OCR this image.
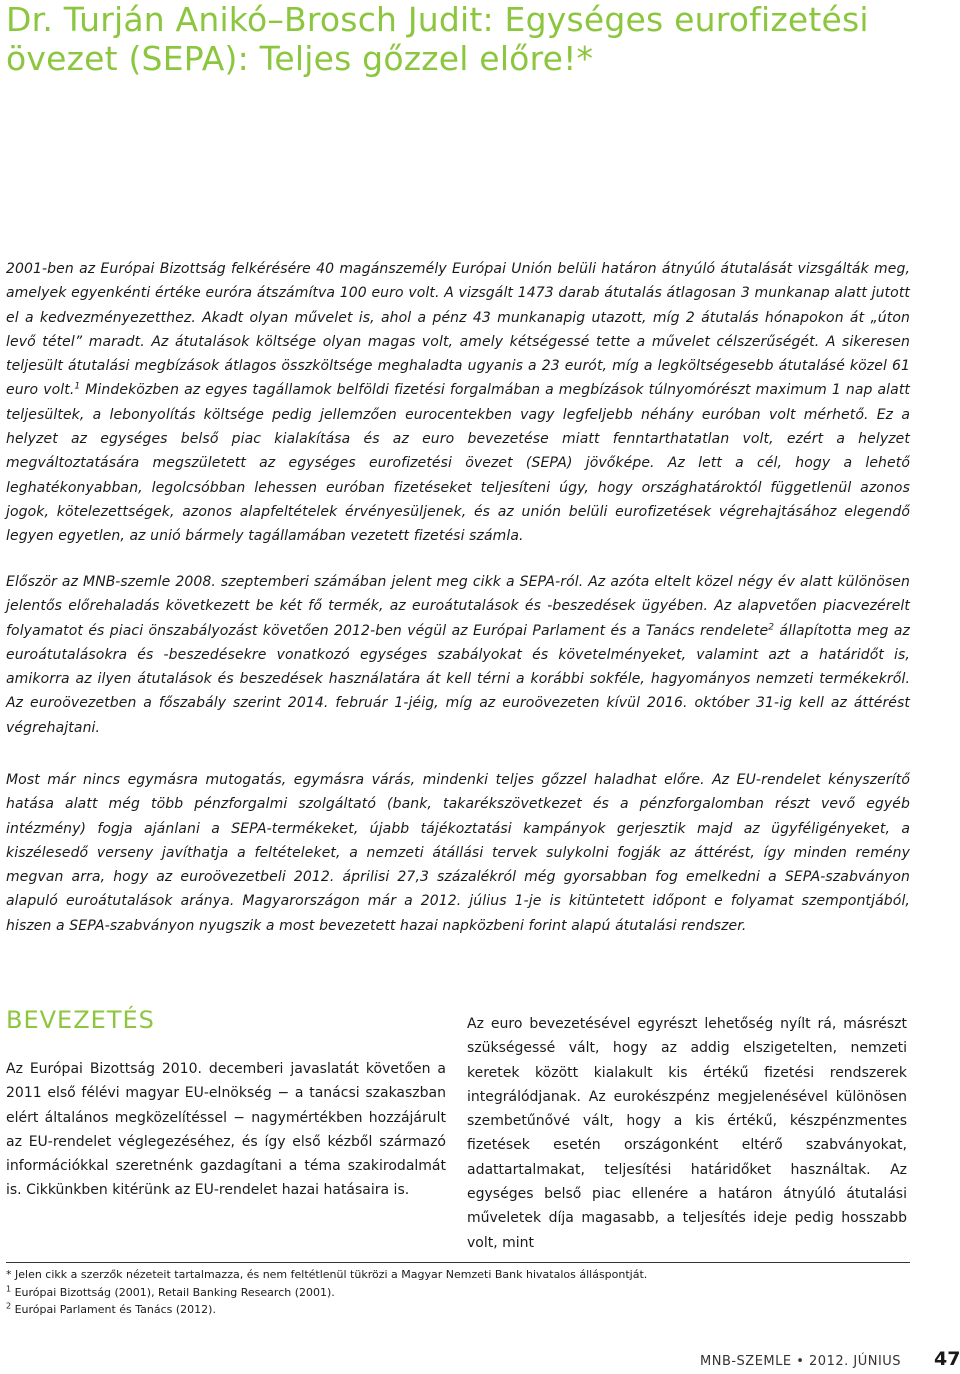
Dr. Turján Anikó–Brosch Judit: Egységes eurofizetési övezet (SEPA): Teljes gőzzel előre!*

2001-ben az Európai Bizottság felkérésére 40 magánszemély Európai Unión belüli határon átnyúló átutalását vizsgálták meg, amelyek egyenkénti értéke euróra átszámítva 100 euro volt. A vizsgált 1473 darab átutalás átlagosan 3 munkanap alatt jutott el a kedvezményezetthez. Akadt olyan művelet is, ahol a pénz 43 munkanapig utazott, míg 2 átutalás hónapokon át „úton levő tétel” maradt. Az átutalások költsége olyan magas volt, amely kétségessé tette a művelet célszerűségét. A sikeresen teljesült átutalási megbízások átlagos összköltsége meghaladta ugyanis a 23 eurót, míg a legköltségesebb átutalásé közel 61 euro volt.$^1$ Mindeközben az egyes tagállamok belföldi fizetési forgalmában a megbízások túlnyomórészt maximum 1 nap alatt teljesültek, a lebonyolítás költsége pedig jellemzően eurocentekben vagy legfeljebb néhány euróban volt mérhető. Ez a helyzet az egységes belső piac kialakítása és az euro bevezetése miatt fenntarthatatlan volt, ezért a helyzet megváltoztatására megszületett az egységes eurofizetési övezet (SEPA) jövőképe. Az lett a cél, hogy a lehető leghatékonyabban, legolcsóbban lehessen euróban fizetéseket teljesíteni úgy, hogy országhatároktól függetlenül azonos jogok, kötelezettségek, azonos alapfeltételek érvényesüljenek, és az unión belüli eurofizetések végrehajtásához elegendő legyen egyetlen, az unió bármely tagállamában vezetett fizetési számla.

Először az MNB-szemle 2008. szeptemberi számában jelent meg cikk a SEPA-ról. Az azóta eltelt közel négy év alatt különösen jelentős előrehaladás következett be két fő termék, az euroátutalások és -beszedések ügyében. Az alapvetően piacvezérelt folyamatot és piaci önszabályozást követően 2012-ben végül az Európai Parlament és a Tanács rendelete$^2$ állapította meg az euroátutalásokra és -beszedésekre vonatkozó egységes szabályokat és követelményeket, valamint azt a határidőt is, amikorra az ilyen átutalások és beszedések használatára át kell térni a korábbi sokféle, hagyományos nemzeti termékekről. Az euroövezetben a főszabály szerint 2014. február 1-jéig, míg az euroövezeten kívül 2016. október 31-ig kell az áttérést végrehajtani.

Most már nincs egymásra mutogatás, egymásra várás, mindenki teljes gőzzel haladhat előre. Az EU-rendelet kényszerítő hatása alatt még több pénzforgalmi szolgáltató (bank, takarékszövetkezet és a pénzforgalomban részt vevő egyéb intézmény) fogja ajánlani a SEPA-termékeket, újabb tájékoztatási kampányok gerjesztik majd az ügyféligényeket, a kiszélesedő verseny javíthatja a feltételeket, a nemzeti átállási tervek sulykolni fogják az áttérést, így minden remény megvan arra, hogy az euroövezetbeli 2012. áprilisi 27,3 százalékról még gyorsabban fog emelkedni a SEPA-szabványon alapuló euroátutalások aránya. Magyarországon már a 2012. július 1-je is kitüntetett időpont e folyamat szempontjából, hiszen a SEPA-szabványon nyugszik a most bevezetett hazai napközbeni forint alapú átutalási rendszer.

BEVEZETÉS

Az Európai Bizottság 2010. decemberi javaslatát követően a 2011 első félévi magyar EU-elnökség − a tanácsi szakaszban elért általános megközelítéssel − nagymértékben hozzájárult az EU-rendelet véglegezéséhez, és így első kézből származó információkkal szeretnénk gazdagítani a téma szakirodalmát is. Cikkünkben kitérünk az EU-rendelet hazai hatásaira is.

Az euro bevezetésével egyrészt lehetőség nyílt rá, másrészt szükségessé vált, hogy az addig elszigetelten, nemzeti keretek között kialakult kis értékű fizetési rendszerek integrálódjanak. Az eurokészpénz megjelenésével különösen szembetűnővé vált, hogy a kis értékű, készpénzmentes fizetések esetén országonként eltérő szabványokat, adattartalmakat, teljesítési határidőket használtak. Az egységes belső piac ellenére a határon átnyúló átutalási műveletek díja magasabb, a teljesítés ideje pedig hosszabb volt, mint

* Jelen cikk a szerzők nézeteit tartalmazza, és nem feltétlenül tükrözi a Magyar Nemzeti Bank hivatalos álláspontját.

$^1$ Európai Bizottság (2001), Retail Banking Research (2001).

$^2$ Európai Parlament és Tanács (2012).

MNB-SZEMLE • 2012. JÚNIUS 47
